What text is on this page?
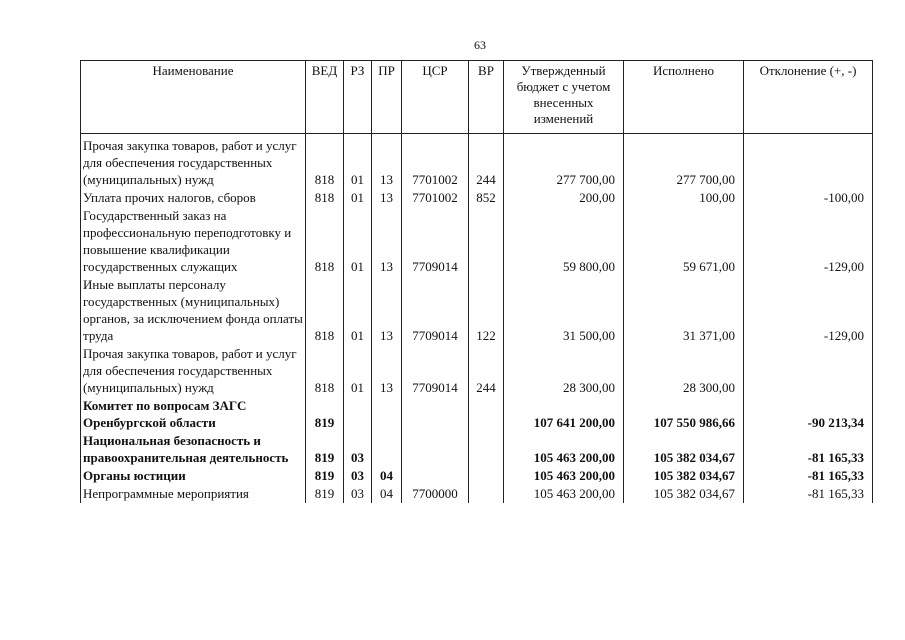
63
Наименование	ВЕД	РЗ	ПР	ЦСР	ВР	Утвержденный бюджет с учетом внесенных изменений	Исполнено	Отклонение (+, -)
Прочая закупка товаров, работ и услуг для обеспечения государственных (муниципальных) нужд	818	01	13	7701002	244	277 700,00	277 700,00	
Уплата прочих налогов, сборов	818	01	13	7701002	852	200,00	100,00	-100,00
Государственный заказ на профессиональную переподготовку и повышение квалификации государственных служащих	818	01	13	7709014		59 800,00	59 671,00	-129,00
Иные выплаты персоналу государственных (муниципальных) органов, за исключением фонда оплаты труда	818	01	13	7709014	122	31 500,00	31 371,00	-129,00
Прочая закупка товаров, работ и услуг для обеспечения государственных (муниципальных) нужд	818	01	13	7709014	244	28 300,00	28 300,00	
Комитет по вопросам ЗАГС Оренбургской области	819					107 641 200,00	107 550 986,66	-90 213,34
Национальная безопасность и правоохранительная деятельность	819	03				105 463 200,00	105 382 034,67	-81 165,33
Органы юстиции	819	03	04			105 463 200,00	105 382 034,67	-81 165,33
Непрограммные мероприятия	819	03	04	7700000		105 463 200,00	105 382 034,67	-81 165,33
